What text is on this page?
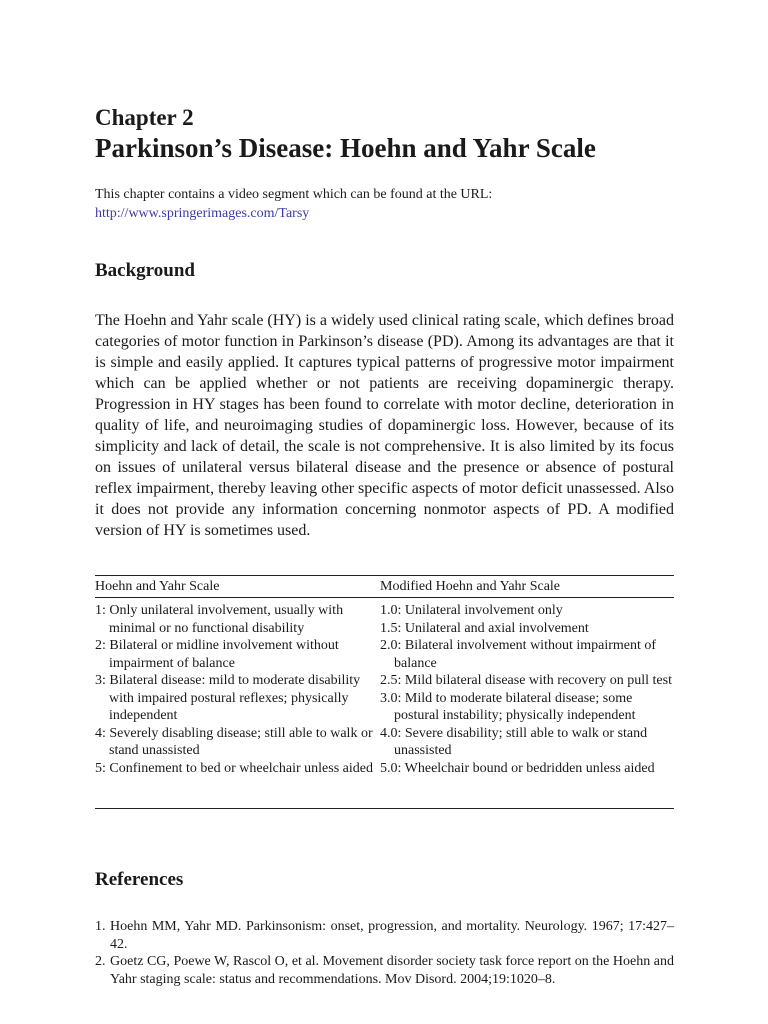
Chapter 2
Parkinson’s Disease: Hoehn and Yahr Scale
This chapter contains a video segment which can be found at the URL: http://www.springerimages.com/Tarsy
Background
The Hoehn and Yahr scale (HY) is a widely used clinical rating scale, which defines broad categories of motor function in Parkinson’s disease (PD). Among its advantages are that it is simple and easily applied. It captures typical patterns of progressive motor impairment which can be applied whether or not patients are receiving dopaminergic therapy. Progression in HY stages has been found to correlate with motor decline, deterioration in quality of life, and neuroimaging studies of dopaminergic loss. However, because of its simplicity and lack of detail, the scale is not comprehensive. It is also limited by its focus on issues of unilateral versus bilateral disease and the presence or absence of postural reflex impairment, thereby leaving other specific aspects of motor deficit unassessed. Also it does not provide any information concerning nonmotor aspects of PD. A modified version of HY is sometimes used.
Hoehn and Yahr Scale	Modified Hoehn and Yahr Scale
1: Only unilateral involvement, usually with minimal or no functional disability
2: Bilateral or midline involvement without impairment of balance
3: Bilateral disease: mild to moderate disability with impaired postural reflexes; physically independent
4: Severely disabling disease; still able to walk or stand unassisted
5: Confinement to bed or wheelchair unless aided
1.0: Unilateral involvement only
1.5: Unilateral and axial involvement
2.0: Bilateral involvement without impairment of balance
2.5: Mild bilateral disease with recovery on pull test
3.0: Mild to moderate bilateral disease; some postural instability; physically independent
4.0: Severe disability; still able to walk or stand unassisted
5.0: Wheelchair bound or bedridden unless aided
References
1. Hoehn MM, Yahr MD. Parkinsonism: onset, progression, and mortality. Neurology. 1967; 17:427–42.
2. Goetz CG, Poewe W, Rascol O, et al. Movement disorder society task force report on the Hoehn and Yahr staging scale: status and recommendations. Mov Disord. 2004;19:1020–8.
